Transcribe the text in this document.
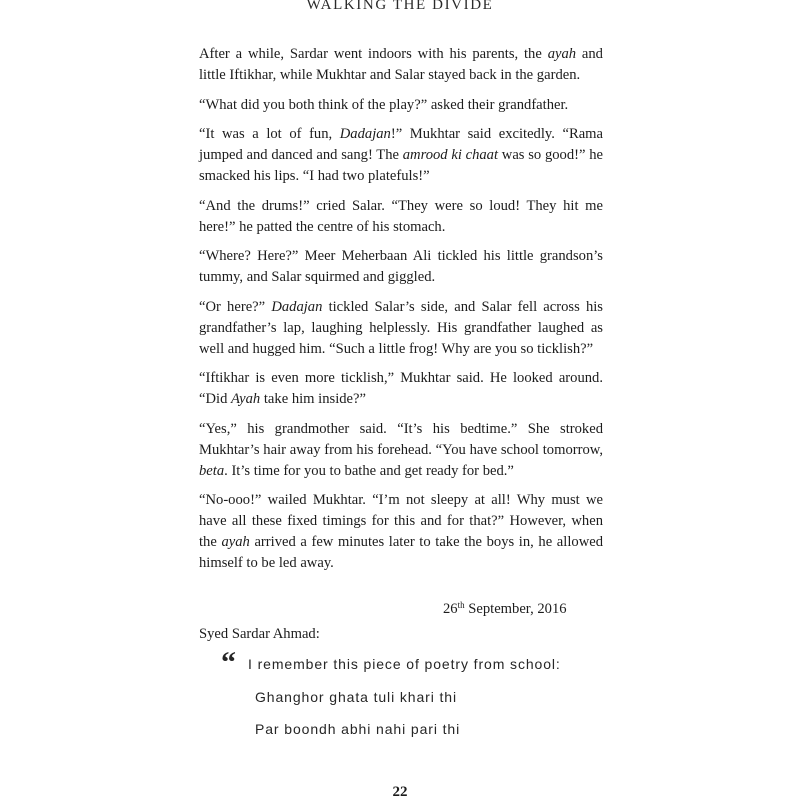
WALKING THE DIVIDE

After a while, Sardar went indoors with his parents, the ayah and little Iftikhar, while Mukhtar and Salar stayed back in the garden.

“What did you both think of the play?” asked their grandfather.

“It was a lot of fun, Dadajan!” Mukhtar said excitedly. “Rama jumped and danced and sang! The amrood ki chaat was so good!” he smacked his lips. “I had two platefuls!”

“And the drums!” cried Salar. “They were so loud! They hit me here!” he patted the centre of his stomach.

“Where? Here?” Meer Meherbaan Ali tickled his little grandson’s tummy, and Salar squirmed and giggled.

“Or here?” Dadajan tickled Salar’s side, and Salar fell across his grandfather’s lap, laughing helplessly. His grandfather laughed as well and hugged him. “Such a little frog! Why are you so ticklish?”

“Iftikhar is even more ticklish,” Mukhtar said. He looked around. “Did Ayah take him inside?”

“Yes,” his grandmother said. “It’s his bedtime.” She stroked Mukhtar’s hair away from his forehead. “You have school tomorrow, beta. It’s time for you to bathe and get ready for bed.”

“No-ooo!” wailed Mukhtar. “I’m not sleepy at all! Why must we have all these fixed timings for this and for that?” However, when the ayah arrived a few minutes later to take the boys in, he allowed himself to be led away.

26th September, 2016
Syed Sardar Ahmad:
“ I remember this piece of poetry from school:
Ghanghor ghata tuli khari thi
Par boondh abhi nahi pari thi
22
